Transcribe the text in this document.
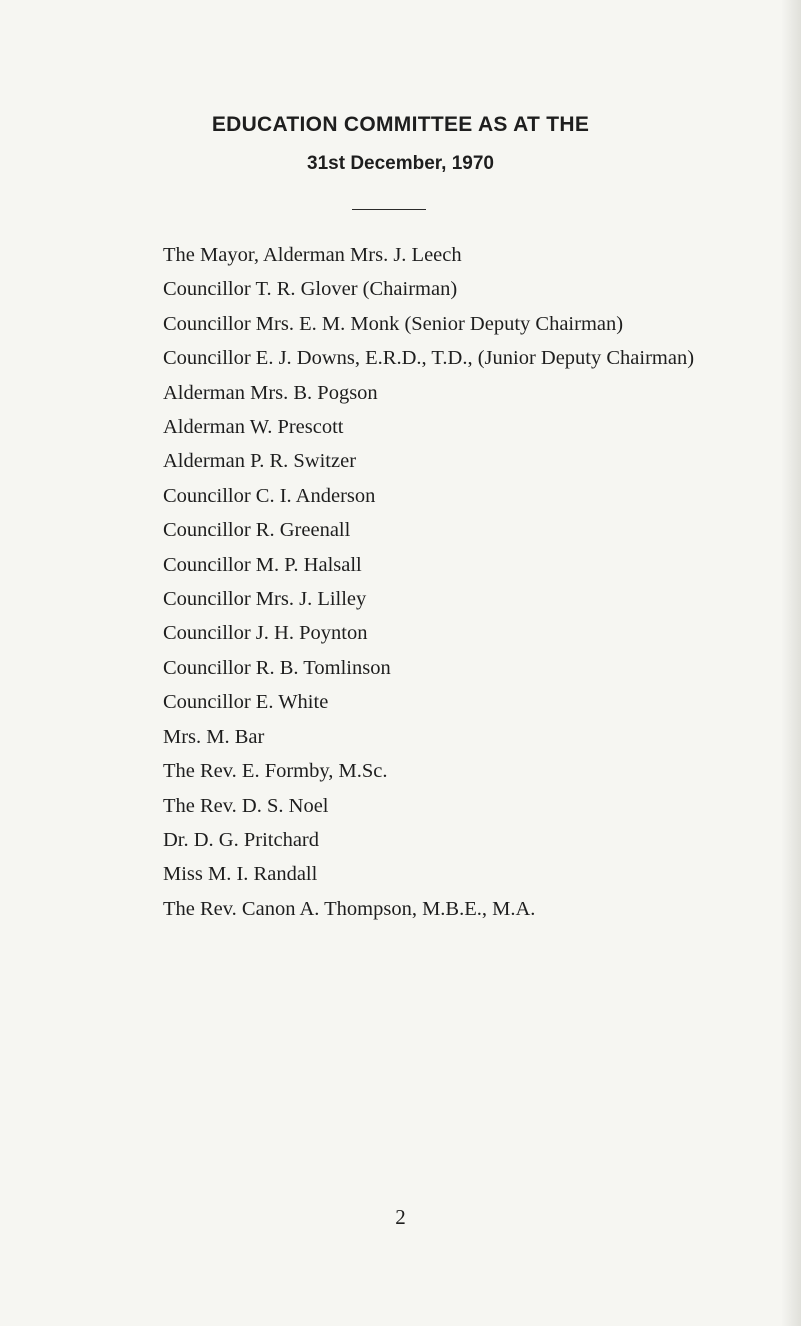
EDUCATION COMMITTEE AS AT THE
31st December, 1970
The Mayor, Alderman Mrs. J. Leech
Councillor T. R. Glover (Chairman)
Councillor Mrs. E. M. Monk (Senior Deputy Chairman)
Councillor E. J. Downs, E.R.D., T.D., (Junior Deputy Chairman)
Alderman Mrs. B. Pogson
Alderman W. Prescott
Alderman P. R. Switzer
Councillor C. I. Anderson
Councillor R. Greenall
Councillor M. P. Halsall
Councillor Mrs. J. Lilley
Councillor J. H. Poynton
Councillor R. B. Tomlinson
Councillor E. White
Mrs. M. Bar
The Rev. E. Formby, M.Sc.
The Rev. D. S. Noel
Dr. D. G. Pritchard
Miss M. I. Randall
The Rev. Canon A. Thompson, M.B.E., M.A.
2
